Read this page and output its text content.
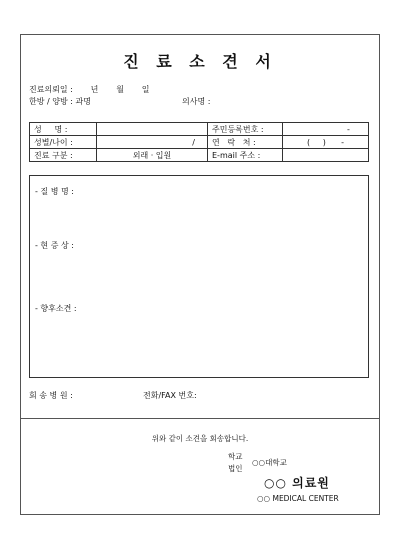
진 료 소 견 서
진료의뢰일 :       년       월       일
한방 / 양방 : 과명	의사명 :
성     명 :		주민등록번호 :	-
성별/나이 :	/	연   락   처 :	(     )      -
진료 구분 :	외래 · 입원	E-mail 주소 :	
- 질 병 명 :
- 현 증 상 :
- 향후소견 :
회 송 병 원 :	전화/FAX 번호:
위와 같이 소견을 회송합니다.
학교
법인
○○대학교
○○ 의료원
○○ MEDICAL CENTER
